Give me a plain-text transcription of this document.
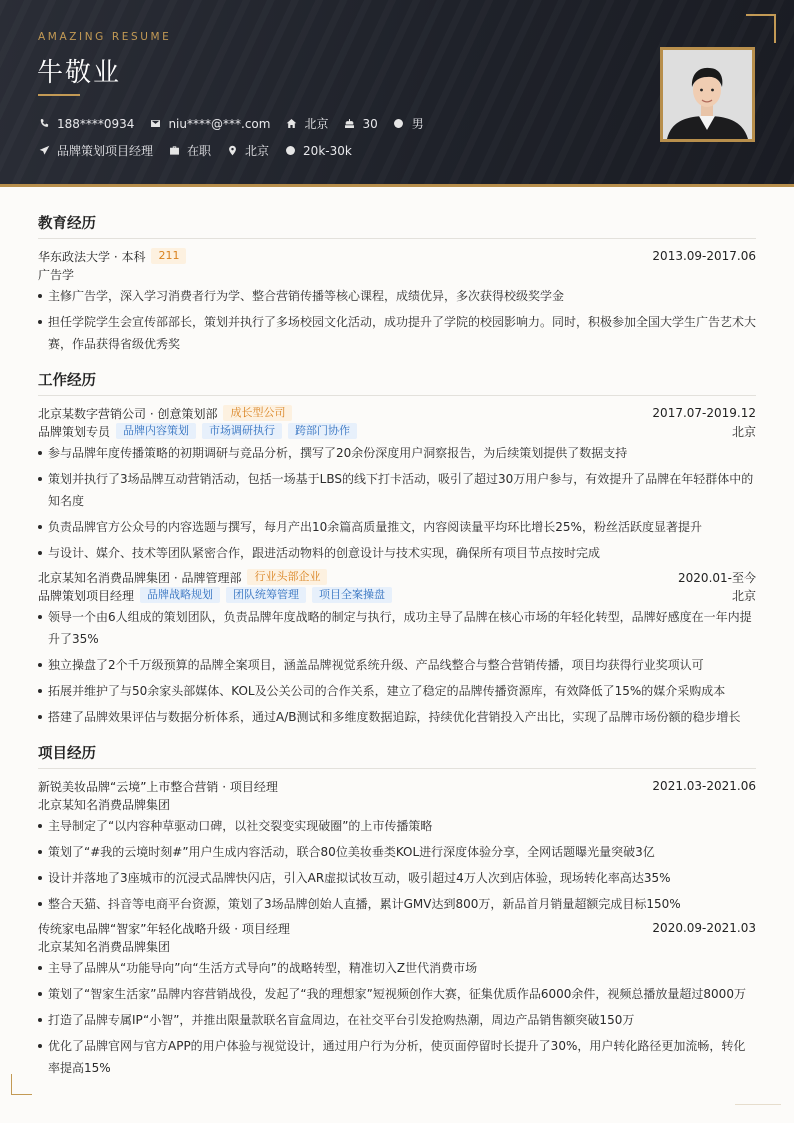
AMAZING RESUME
牛敬业
188****0934	niu****@***.com	北京	30	男
品牌策划项目经理	在职	北京	20k-30k
教育经历
华东政法大学 · 本科	211	2013.09-2017.06
广告学
主修广告学，深入学习消费者行为学、整合营销传播等核心课程，成绩优异，多次获得校级奖学金
担任学院学生会宣传部部长，策划并执行了多场校园文化活动，成功提升了学院的校园影响力。同时，积极参加全国大学生广告艺术大赛，作品获得省级优秀奖
工作经历
北京某数字营销公司 · 创意策划部	成长型公司	2017.07-2019.12
品牌策划专员	品牌内容策划	市场调研执行	跨部门协作	北京
参与品牌年度传播策略的初期调研与竞品分析，撰写了20余份深度用户洞察报告，为后续策划提供了数据支持
策划并执行了3场品牌互动营销活动，包括一场基于LBS的线下打卡活动，吸引了超过30万用户参与，有效提升了品牌在年轻群体中的知名度
负责品牌官方公众号的内容选题与撰写，每月产出10余篇高质量推文，内容阅读量平均环比增长25%，粉丝活跃度显著提升
与设计、媒介、技术等团队紧密合作，跟进活动物料的创意设计与技术实现，确保所有项目节点按时完成
北京某知名消费品牌集团 · 品牌管理部	行业头部企业	2020.01-至今
品牌策划项目经理	品牌战略规划	团队统筹管理	项目全案操盘	北京
领导一个由6人组成的策划团队，负责品牌年度战略的制定与执行，成功主导了品牌在核心市场的年轻化转型，品牌好感度在一年内提升了35%
独立操盘了2个千万级预算的品牌全案项目，涵盖品牌视觉系统升级、产品线整合与整合营销传播，项目均获得行业奖项认可
拓展并维护了与50余家头部媒体、KOL及公关公司的合作关系，建立了稳定的品牌传播资源库，有效降低了15%的媒介采购成本
搭建了品牌效果评估与数据分析体系，通过A/B测试和多维度数据追踪，持续优化营销投入产出比，实现了品牌市场份额的稳步增长
项目经历
新锐美妆品牌“云境”上市整合营销 · 项目经理	2021.03-2021.06
北京某知名消费品牌集团
主导制定了“以内容种草驱动口碑，以社交裂变实现破圈”的上市传播策略
策划了“#我的云境时刻#”用户生成内容活动，联合80位美妆垂类KOL进行深度体验分享，全网话题曝光量突破3亿
设计并落地了3座城市的沉浸式品牌快闪店，引入AR虚拟试妆互动，吸引超过4万人次到店体验，现场转化率高达35%
整合天猫、抖音等电商平台资源，策划了3场品牌创始人直播，累计GMV达到800万，新品首月销量超额完成目标150%
传统家电品牌“智家”年轻化战略升级 · 项目经理	2020.09-2021.03
北京某知名消费品牌集团
主导了品牌从“功能导向”向“生活方式导向”的战略转型，精准切入Z世代消费市场
策划了“智家生活家”品牌内容营销战役，发起了“我的理想家”短视频创作大赛，征集优质作品6000余件，视频总播放量超过8000万
打造了品牌专属IP“小智”，并推出限量款联名盲盒周边，在社交平台引发抢购热潮，周边产品销售额突破150万
优化了品牌官网与官方APP的用户体验与视觉设计，通过用户行为分析，使页面停留时长提升了30%，用户转化路径更加流畅，转化率提高15%
